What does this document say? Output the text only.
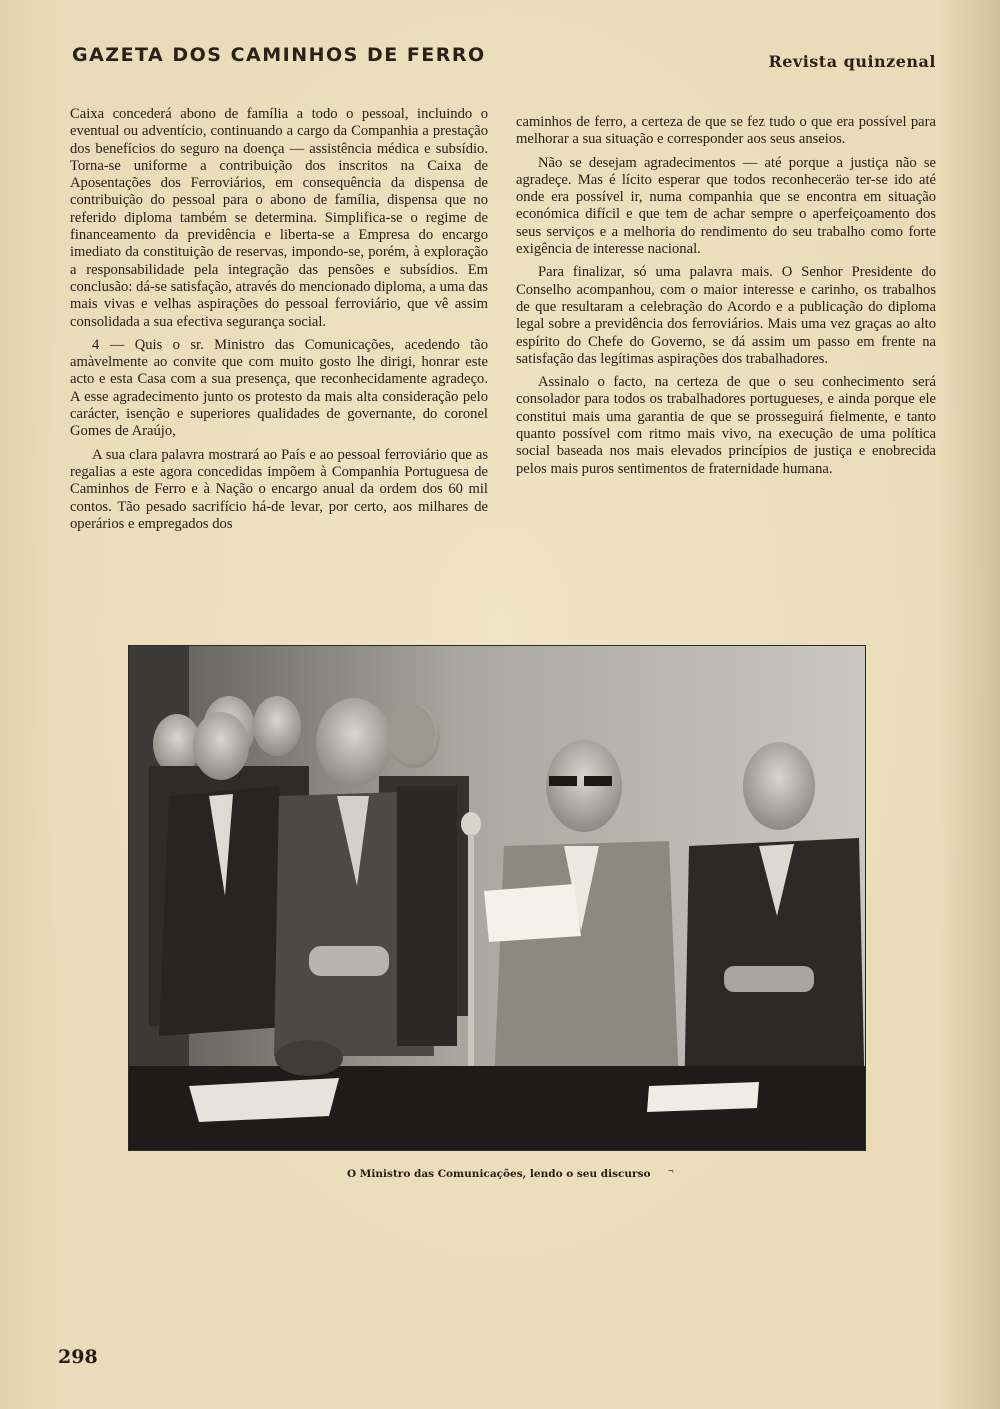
GAZETA DOS CAMINHOS DE FERRO	Revista quinzenal

Caixa concederá abono de família a todo o pessoal, incluindo o eventual ou adventício, continuando a cargo da Companhia a prestação dos benefícios do seguro na doença — assistência médica e subsídio. Torna-se uniforme a contribuição dos inscritos na Caixa de Aposentações dos Ferroviários, em consequência da dispensa de contribuição do pessoal para o abono de família, dispensa que no referido diploma também se determina. Simplifica-se o regime de financeamento da previdência e liberta-se a Empresa do encargo imediato da constituição de reservas, impondo-se, porém, à exploração a responsabilidade pela integração das pensões e subsídios. Em conclusão: dá-se satisfação, através do mencionado diploma, a uma das mais vivas e velhas aspirações do pessoal ferroviário, que vê assim consolidada a sua efectiva segurança social.

4 — Quis o sr. Ministro das Comunicações, acedendo tão amàvelmente ao convite que com muito gosto lhe dirigi, honrar este acto e esta Casa com a sua presença, que reconhecidamente agradeço. A esse agradecimento junto os protesto da mais alta consideração pelo carácter, isenção e superiores qualidades de governante, do coronel Gomes de Araújo,

A sua clara palavra mostrará ao País e ao pessoal ferroviário que as regalias a este agora concedidas impõem à Companhia Portuguesa de Caminhos de Ferro e à Nação o encargo anual da ordem dos 60 mil contos. Tão pesado sacrifício há-de levar, por certo, aos milhares de operários e empregados dos

caminhos de ferro, a certeza de que se fez tudo o que era possível para melhorar a sua situação e corresponder aos seus anseios.

Não se desejam agradecimentos — até porque a justiça não se agradeçe. Mas é lícito esperar que todos reconheceräo ter-se ido até onde era possível ir, numa companhia que se encontra em situação económica difícil e que tem de achar sempre o aperfeiçoamento dos seus serviços e a melhoria do rendimento do seu trabalho como forte exigência de interesse nacional.

Para finalizar, só uma palavra mais. O Senhor Presidente do Conselho acompanhou, com o maior interesse e carinho, os trabalhos de que resultaram a celebração do Acordo e a publicação do diploma legal sobre a previdência dos ferroviários. Mais uma vez graças ao alto espírito do Chefe do Governo, se dá assim um passo em frente na satisfação das legítimas aspirações dos trabalhadores.

Assinalo o facto, na certeza de que o seu conhecimento será consolador para todos os trabalhadores portugueses, e ainda porque ele constitui mais uma garantia de que se prosseguirá fielmente, e tanto quanto possível com ritmo mais vivo, na execução de uma política social baseada nos mais elevados princípios de justiça e enobrecida pelos mais puros sentimentos de fraternidade humana.

O Ministro das Comunicações, lendo o seu discurso ¬
298
